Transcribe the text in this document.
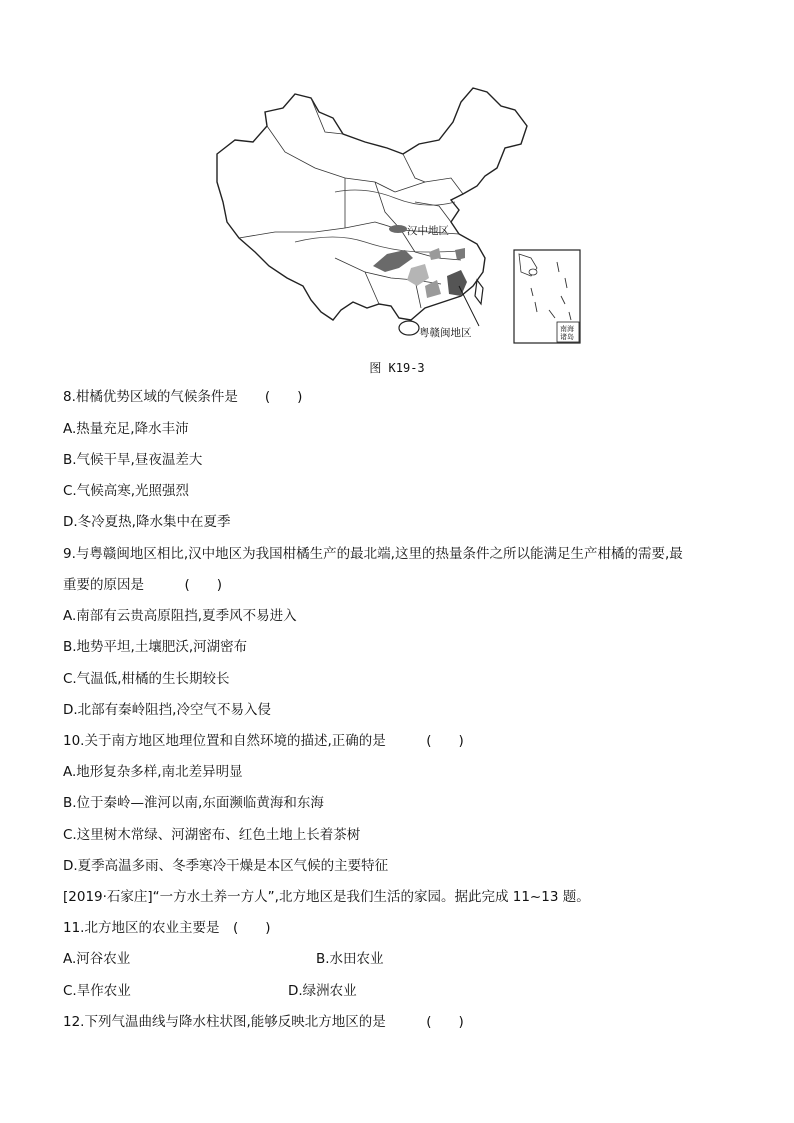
汉中地区
粤赣闽地区	南海
诸岛
图 K19-3
8.柑橘优势区域的气候条件是　　(　　)
A.热量充足,降水丰沛
B.气候干旱,昼夜温差大
C.气候高寒,光照强烈
D.冬冷夏热,降水集中在夏季
9.与粤赣闽地区相比,汉中地区为我国柑橘生产的最北端,这里的热量条件之所以能满足生产柑橘的需要,最
重要的原因是　　　(　　)
A.南部有云贵高原阻挡,夏季风不易进入
B.地势平坦,土壤肥沃,河湖密布
C.气温低,柑橘的生长期较长
D.北部有秦岭阻挡,冷空气不易入侵
10.关于南方地区地理位置和自然环境的描述,正确的是　　　(　　)
A.地形复杂多样,南北差异明显
B.位于秦岭—淮河以南,东面濒临黄海和东海
C.这里树木常绿、河湖密布、红色土地上长着茶树
D.夏季高温多雨、冬季寒冷干燥是本区气候的主要特征
[2019·石家庄]“一方水土养一方人”,北方地区是我们生活的家园。据此完成 11~13 题。
11.北方地区的农业主要是　(　　)
A.河谷农业	B.水田农业
C.旱作农业	D.绿洲农业
12.下列气温曲线与降水柱状图,能够反映北方地区的是　　　(　　)
